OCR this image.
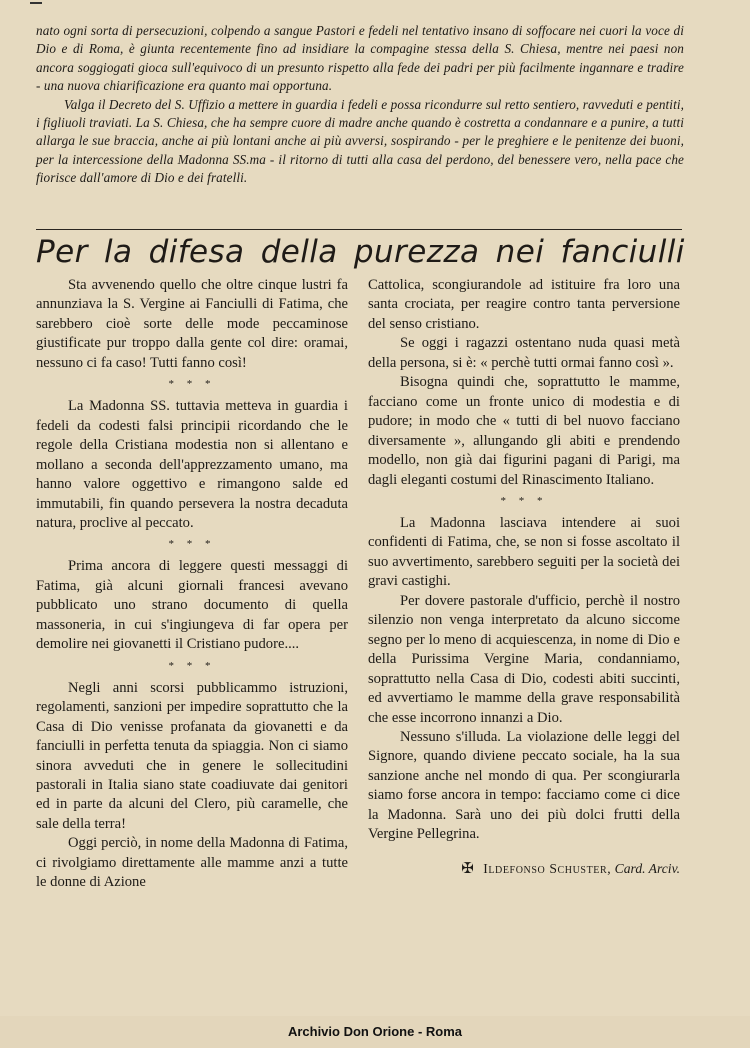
nato ogni sorta di persecuzioni, colpendo a sangue Pastori e fedeli nel tentativo insano di soffocare nei cuori la voce di Dio e di Roma, è giunta recentemente fino ad insidiare la compagine stessa della S. Chiesa, mentre nei paesi non ancora soggiogati gioca sull'equivoco di un presunto rispetto alla fede dei padri per più facilmente ingannare e tradire - una nuova chiarificazione era quanto mai opportuna.

Valga il Decreto del S. Uffizio a mettere in guardia i fedeli e possa ricondurre sul retto sentiero, ravveduti e pentiti, i figliuoli traviati. La S. Chiesa, che ha sempre cuore di madre anche quando è costretta a condannare e a punire, a tutti allarga le sue braccia, anche ai più lontani anche ai più avversi, sospirando - per le preghiere e le penitenze dei buoni, per la intercessione della Madonna SS.ma - il ritorno di tutti alla casa del perdono, del benessere vero, nella pace che fiorisce dall'amore di Dio e dei fratelli.

Per la difesa della purezza nei fanciulli

Sta avvenendo quello che oltre cinque lustri fa annunziava la S. Vergine ai Fanciulli di Fatima, che sarebbero cioè sorte delle mode peccaminose giustificate pur troppo dalla gente col dire: oramai, nessuno ci fa caso! Tutti fanno così!

* * *

La Madonna SS. tuttavia metteva in guardia i fedeli da codesti falsi principii ricordando che le regole della Cristiana modestia non si allentano e mollano a seconda dell'apprezzamento umano, ma hanno valore oggettivo e rimangono salde ed immutabili, fin quando persevera la nostra decaduta natura, proclive al peccato.

* * *

Prima ancora di leggere questi messaggi di Fatima, già alcuni giornali francesi avevano pubblicato uno strano documento di quella massoneria, in cui s'ingiungeva di far opera per demolire nei giovanetti il Cristiano pudore....

* * *

Negli anni scorsi pubblicammo istruzioni, regolamenti, sanzioni per impedire soprattutto che la Casa di Dio venisse profanata da giovanetti e da fanciulli in perfetta tenuta da spiaggia. Non ci siamo sinora avveduti che in genere le sollecitudini pastorali in Italia siano state coadiuvate dai genitori ed in parte da alcuni del Clero, più caramelle, che sale della terra!

Oggi perciò, in nome della Madonna di Fatima, ci rivolgiamo direttamente alle mamme anzi a tutte le donne di Azione

Cattolica, scongiurandole ad istituire fra loro una santa crociata, per reagire contro tanta perversione del senso cristiano.

Se oggi i ragazzi ostentano nuda quasi metà della persona, si è: « perchè tutti ormai fanno così ».

Bisogna quindi che, soprattutto le mamme, facciano come un fronte unico di modestia e di pudore; in modo che « tutti di bel nuovo facciano diversamente », allungando gli abiti e prendendo modello, non già dai figurini pagani di Parigi, ma dagli eleganti costumi del Rinascimento Italiano.

* * *

La Madonna lasciava intendere ai suoi confidenti di Fatima, che, se non si fosse ascoltato il suo avvertimento, sarebbero seguiti per la società dei gravi castighi.

Per dovere pastorale d'ufficio, perchè il nostro silenzio non venga interpretato da alcuno siccome segno per lo meno di acquiescenza, in nome di Dio e della Purissima Vergine Maria, condanniamo, soprattutto nella Casa di Dio, codesti abiti succinti, ed avvertiamo le mamme della grave responsabilità che esse incorrono innanzi a Dio.

Nessuno s'illuda. La violazione delle leggi del Signore, quando diviene peccato sociale, ha la sua sanzione anche nel mondo di qua. Per scongiurarla siamo forse ancora in tempo: facciamo come ci dice la Madonna. Sarà uno dei più dolci frutti della Vergine Pellegrina.

✠ Ildefonso Schuster, Card. Arciv.

Archivio Don Orione - Roma
